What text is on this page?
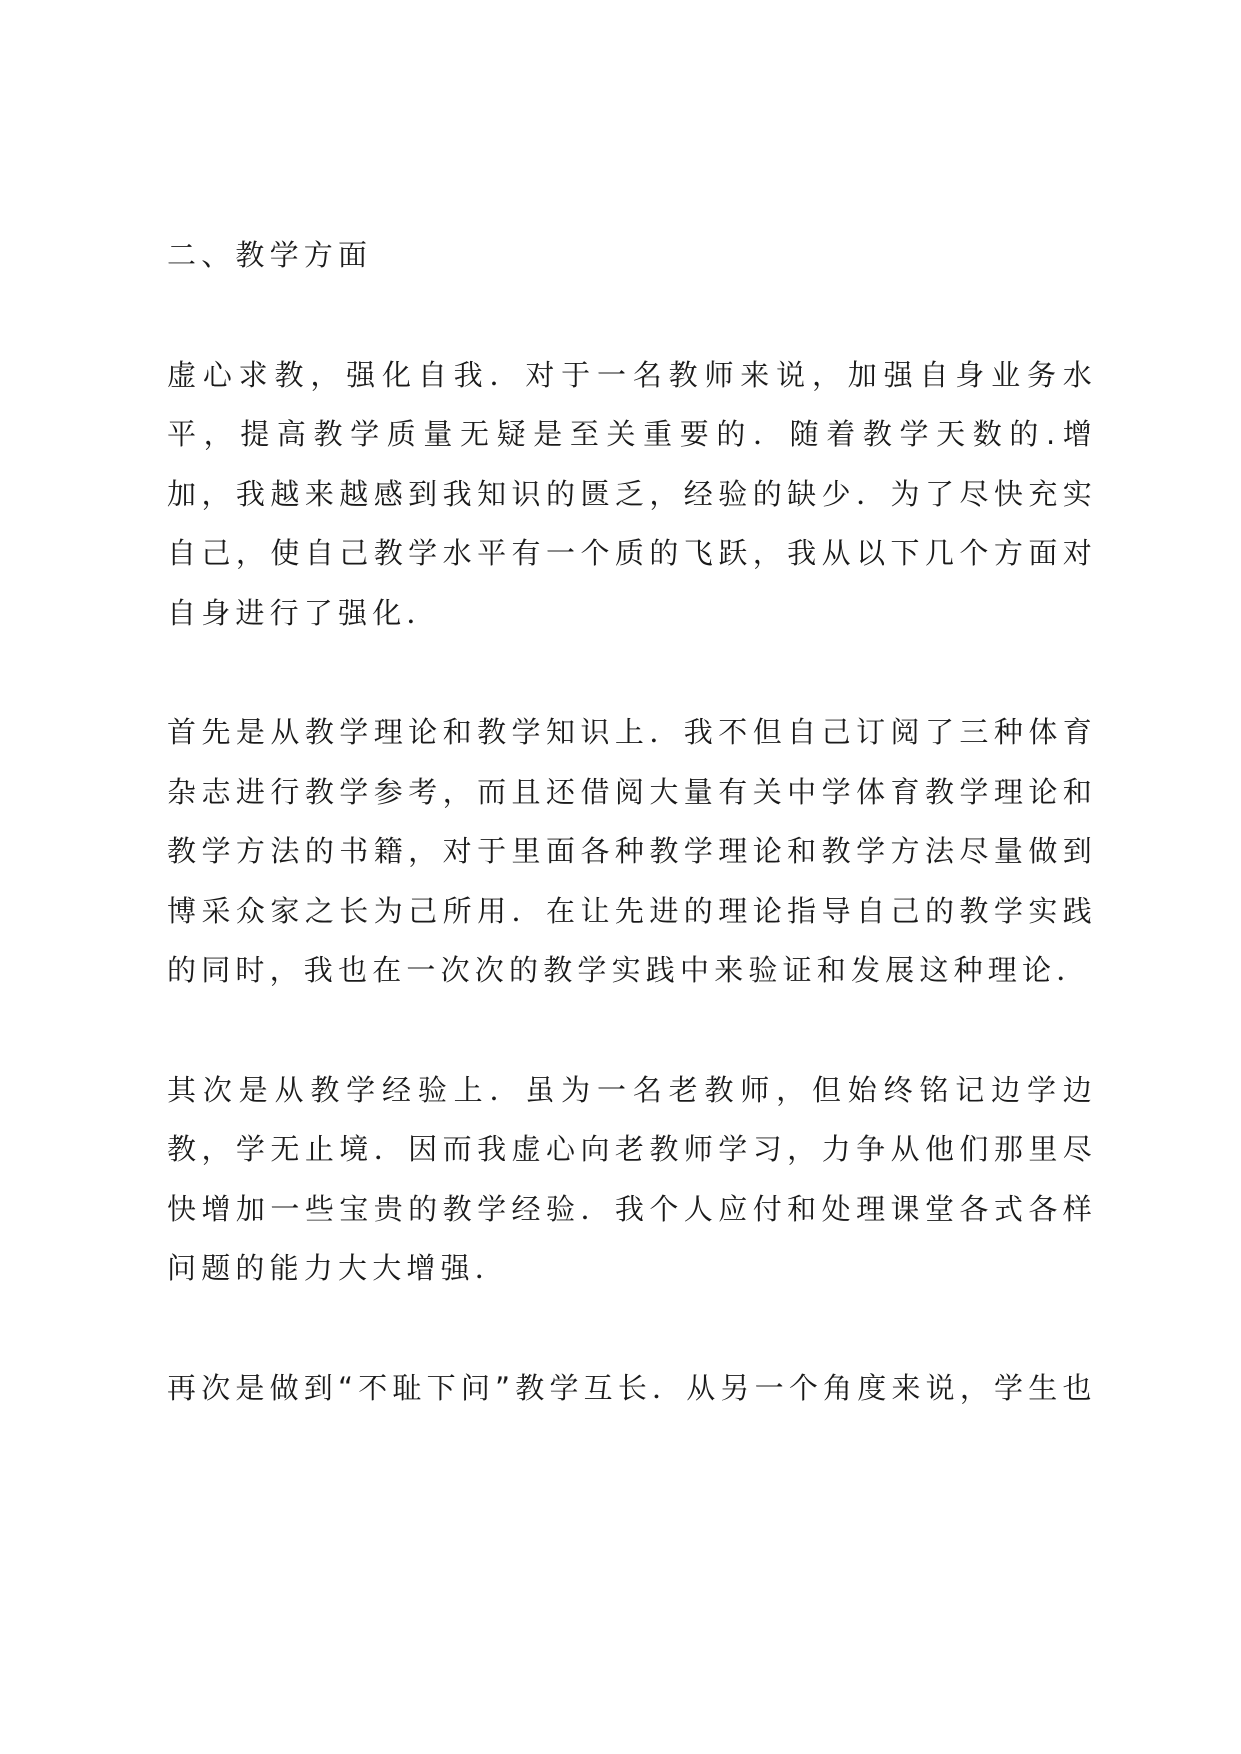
二、教学方面

虚心求教，强化自我．对于一名教师来说，加强自身业务水平，提高教学质量无疑是至关重要的．随着教学天数的.增加，我越来越感到我知识的匮乏，经验的缺少．为了尽快充实自己，使自己教学水平有一个质的飞跃，我从以下几个方面对自身进行了强化．

首先是从教学理论和教学知识上．我不但自己订阅了三种体育杂志进行教学参考，而且还借阅大量有关中学体育教学理论和教学方法的书籍，对于里面各种教学理论和教学方法尽量做到博采众家之长为己所用．在让先进的理论指导自己的教学实践的同时，我也在一次次的教学实践中来验证和发展这种理论．

其次是从教学经验上．虽为一名老教师，但始终铭记边学边教，学无止境．因而我虚心向老教师学习，力争从他们那里尽快增加一些宝贵的教学经验．我个人应付和处理课堂各式各样问题的能力大大增强．

再次是做到“不耻下问”教学互长．从另一个角度来说，学生也
